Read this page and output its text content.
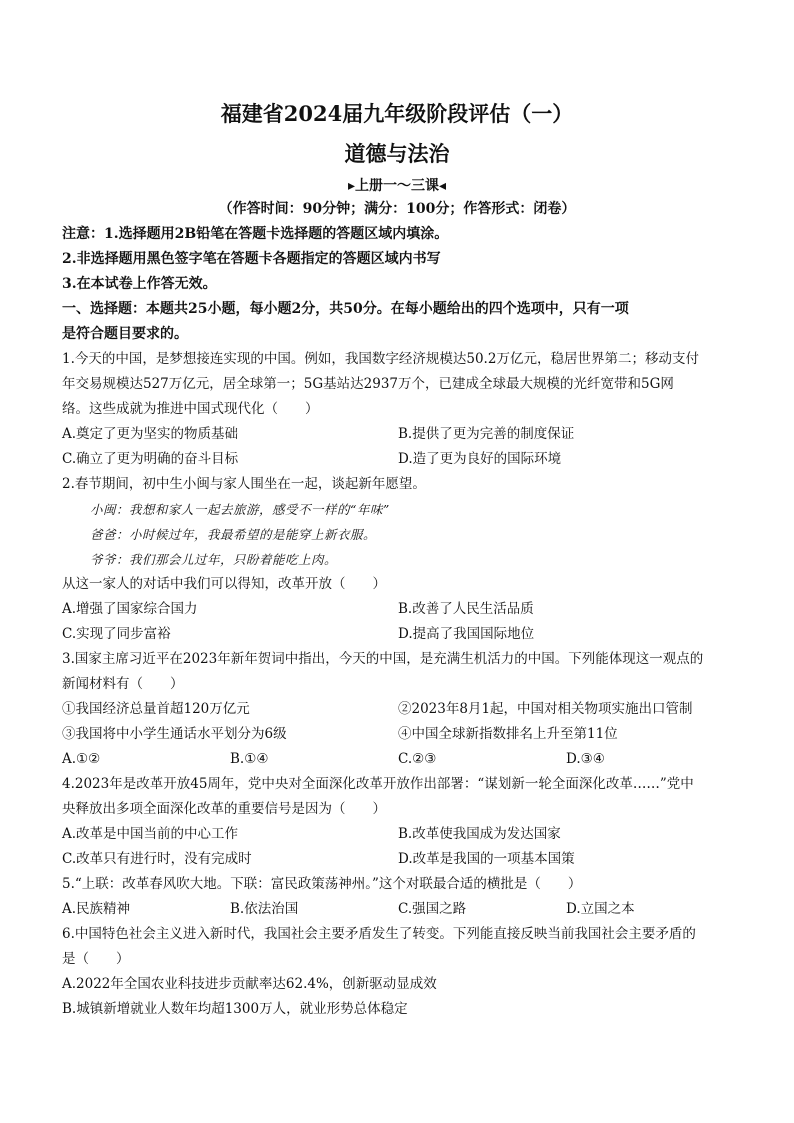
福建省2024届九年级阶段评估（一）
道德与法治
▸上册一～三课◂
（作答时间：90分钟；满分：100分；作答形式：闭卷）
注意：1.选择题用2B铅笔在答题卡选择题的答题区域内填涂。
2.非选择题用黑色签字笔在答题卡各题指定的答题区域内书写
3.在本试卷上作答无效。
一、选择题：本题共25小题，每小题2分，共50分。在每小题给出的四个选项中，只有一项
是符合题目要求的。
1.今天的中国，是梦想接连实现的中国。例如，我国数字经济规模达50.2万亿元，稳居世界第二；移动支付
年交易规模达527万亿元，居全球第一；5G基站达2937万个，已建成全球最大规模的光纤宽带和5G网
络。这些成就为推进中国式现代化（　　）
A.奠定了更为坚实的物质基础	B.提供了更为完善的制度保证
C.确立了更为明确的奋斗目标	D.造了更为良好的国际环境
2.春节期间，初中生小闽与家人围坐在一起，谈起新年愿望。
小闽：我想和家人一起去旅游，感受不一样的“年味”
爸爸：小时候过年，我最希望的是能穿上新衣服。
爷爷：我们那会儿过年，只盼着能吃上肉。
从这一家人的对话中我们可以得知，改革开放（　　）
A.增强了国家综合国力	B.改善了人民生活品质
C.实现了同步富裕	D.提高了我国国际地位
3.国家主席习近平在2023年新年贺词中指出，今天的中国，是充满生机活力的中国。下列能体现这一观点的
新闻材料有（　　）
①我国经济总量首超120万亿元	②2023年8月1起，中国对相关物项实施出口管制
③我国将中小学生通话水平划分为6级	④中国全球新指数排名上升至第11位
A.①②	B.①④	C.②③	D.③④
4.2023年是改革开放45周年，党中央对全面深化改革开放作出部署：“谋划新一轮全面深化改革……”党中
央释放出多项全面深化改革的重要信号是因为（　　）
A.改革是中国当前的中心工作	B.改革使我国成为发达国家
C.改革只有进行时，没有完成时	D.改革是我国的一项基本国策
5.“上联：改革春风吹大地。下联：富民政策荡神州。”这个对联最合适的横批是（　　）
A.民族精神	B.依法治国	C.强国之路	D.立国之本
6.中国特色社会主义进入新时代，我国社会主要矛盾发生了转变。下列能直接反映当前我国社会主要矛盾的
是（　　）
A.2022年全国农业科技进步贡献率达62.4%，创新驱动显成效
B.城镇新增就业人数年均超1300万人，就业形势总体稳定
